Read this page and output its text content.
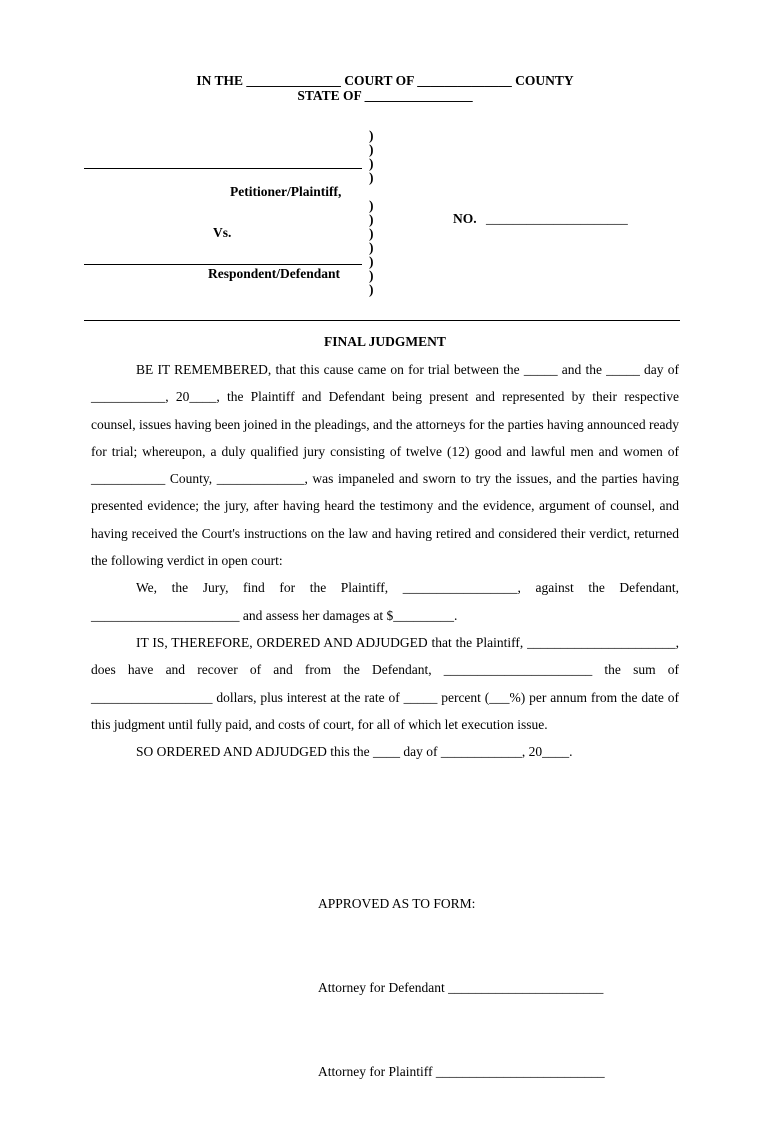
IN THE ______________ COURT OF ______________ COUNTY
STATE OF ________________
)
)
)
)
)
)
)
)
)
)
)
Petitioner/Plaintiff,
Vs.
Respondent/Defendant
NO. _____________________
FINAL JUDGMENT

BE IT REMEMBERED, that this cause came on for trial between the _____ and the _____ day of ___________, 20____, the Plaintiff and Defendant being present and represented by their respective counsel, issues having been joined in the pleadings, and the attorneys for the parties having announced ready for trial; whereupon, a duly qualified jury consisting of twelve (12) good and lawful men and women of ___________ County, _____________, was impaneled and sworn to try the issues, and the parties having presented evidence; the jury, after having heard the testimony and the evidence, argument of counsel, and having received the Court's instructions on the law and having retired and considered their verdict, returned the following verdict in open court:

We, the Jury, find for the Plaintiff, _________________, against the Defendant, ______________________ and assess her damages at $_________.

IT IS, THEREFORE, ORDERED AND ADJUDGED that the Plaintiff, ______________________, does have and recover of and from the Defendant, ______________________ the sum of __________________ dollars, plus interest at the rate of _____ percent (___%) per annum from the date of this judgment until fully paid, and costs of court, for all of which let execution issue.

SO ORDERED AND ADJUDGED this the ____ day of ____________, 20____.

APPROVED AS TO FORM:

Attorney for Defendant _______________________

Attorney for Plaintiff _________________________
